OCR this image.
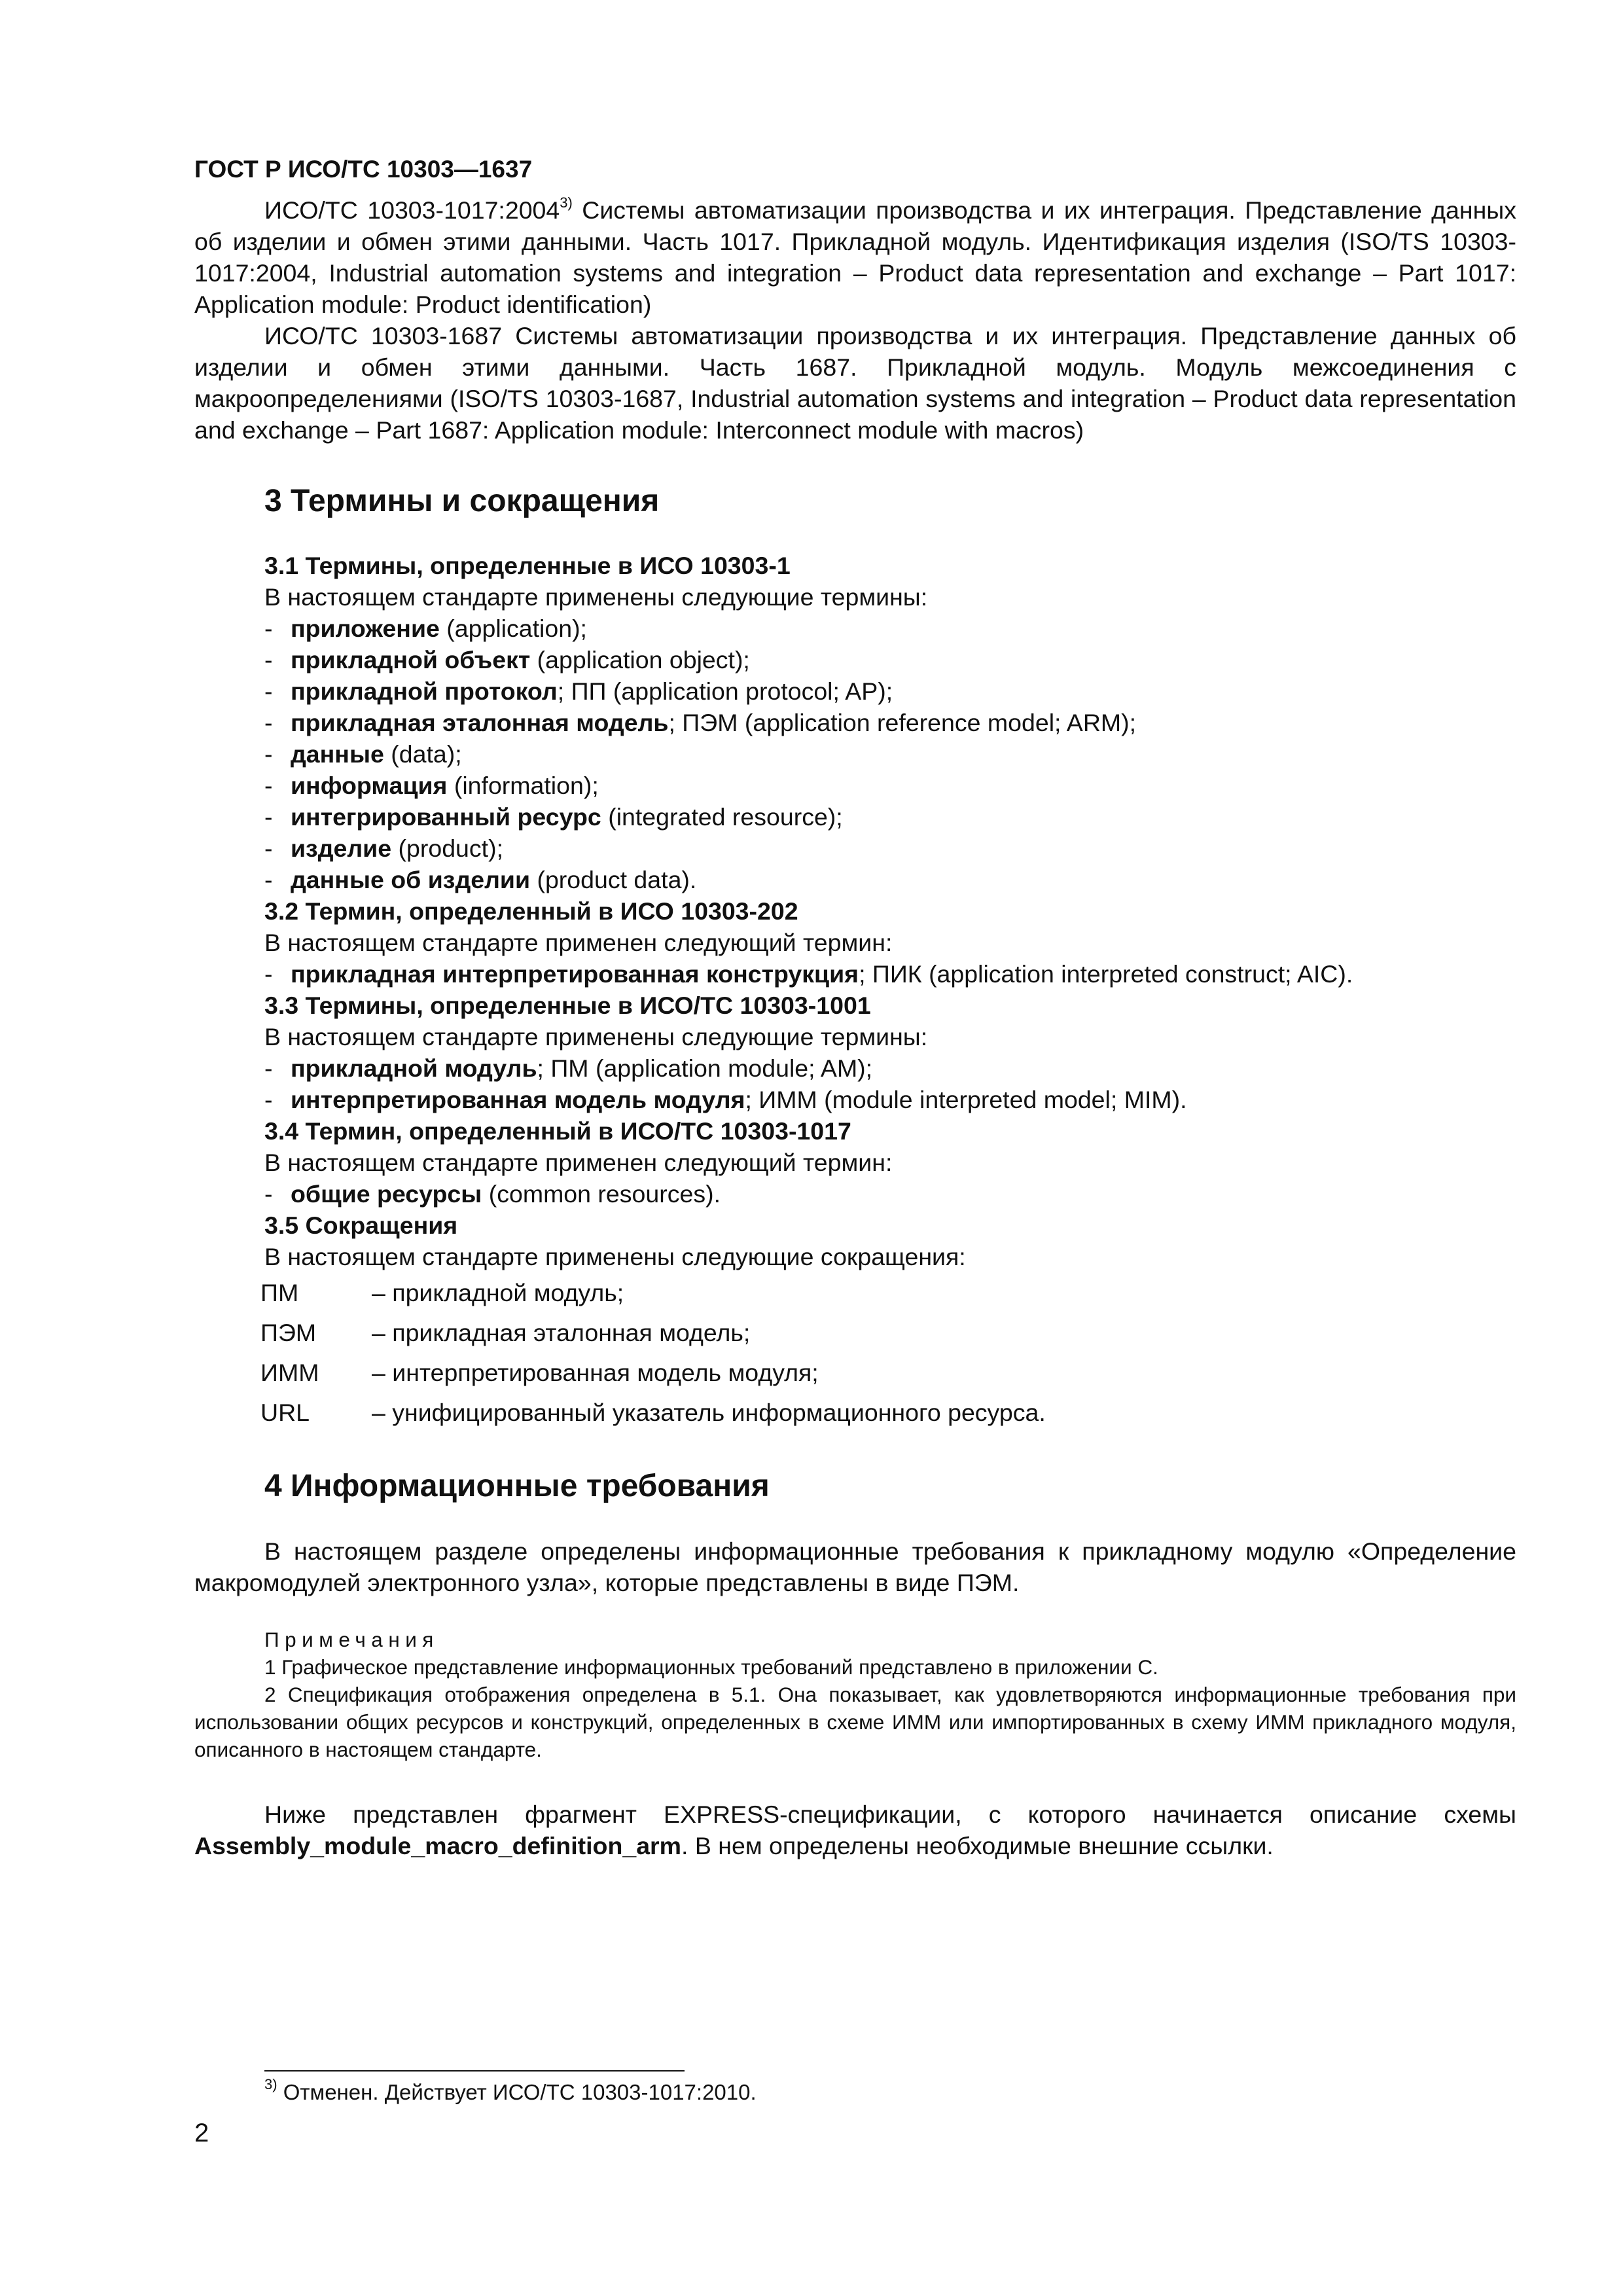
ГОСТ Р ИСО/ТС 10303—1637

ИСО/ТС 10303-1017:2004$^{3)}$ Системы автоматизации производства и их интеграция. Представление данных об изделии и обмен этими данными. Часть 1017. Прикладной модуль. Идентификация изделия (ISO/TS 10303-1017:2004, Industrial automation systems and integration – Product data representation and exchange – Part 1017: Application module: Product identification)

ИСО/ТС 10303-1687 Системы автоматизации производства и их интеграция. Представление данных об изделии и обмен этими данными. Часть 1687. Прикладной модуль. Модуль межсоединения с макроопределениями (ISO/TS 10303-1687, Industrial automation systems and integration – Product data representation and exchange – Part 1687: Application module: Interconnect module with macros)

3 Термины и сокращения
3.1 Термины, определенные в ИСО 10303-1
В настоящем стандарте применены следующие термины:
- приложение (application);
- прикладной объект (application object);
- прикладной протокол; ПП (application protocol; AP);
- прикладная эталонная модель; ПЭМ (application reference model; ARM);
- данные (data);
- информация (information);
- интегрированный ресурс (integrated resource);
- изделие (product);
- данные об изделии (product data).
3.2 Термин, определенный в ИСО 10303-202
В настоящем стандарте применен следующий термин:
- прикладная интерпретированная конструкция; ПИК (application interpreted construct; AIC).
3.3 Термины, определенные в ИСО/ТС 10303-1001
В настоящем стандарте применены следующие термины:
- прикладной модуль; ПМ (application module; AM);
- интерпретированная модель модуля; ИММ (module interpreted model; MIM).
3.4 Термин, определенный в ИСО/ТС 10303-1017
В настоящем стандарте применен следующий термин:
- общие ресурсы (common resources).
3.5 Сокращения
В настоящем стандарте применены следующие сокращения:
ПМ	– прикладной модуль;
ПЭМ	– прикладная эталонная модель;
ИММ	– интерпретированная модель модуля;
URL	– унифицированный указатель информационного ресурса.
4 Информационные требования

В настоящем разделе определены информационные требования к прикладному модулю «Определение макромодулей электронного узла», которые представлены в виде ПЭМ.

Примечания
1 Графическое представление информационных требований представлено в приложении С.

2 Спецификация отображения определена в 5.1. Она показывает, как удовлетворяются информационные требования при использовании общих ресурсов и конструкций, определенных в схеме ИММ или импортированных в схему ИММ прикладного модуля, описанного в настоящем стандарте.

Ниже представлен фрагмент EXPRESS-спецификации, с которого начинается описание схемы Assembly_module_macro_definition_arm. В нем определены необходимые внешние ссылки.

$^{3)}$ Отменен. Действует ИСО/ТС 10303-1017:2010.
2
